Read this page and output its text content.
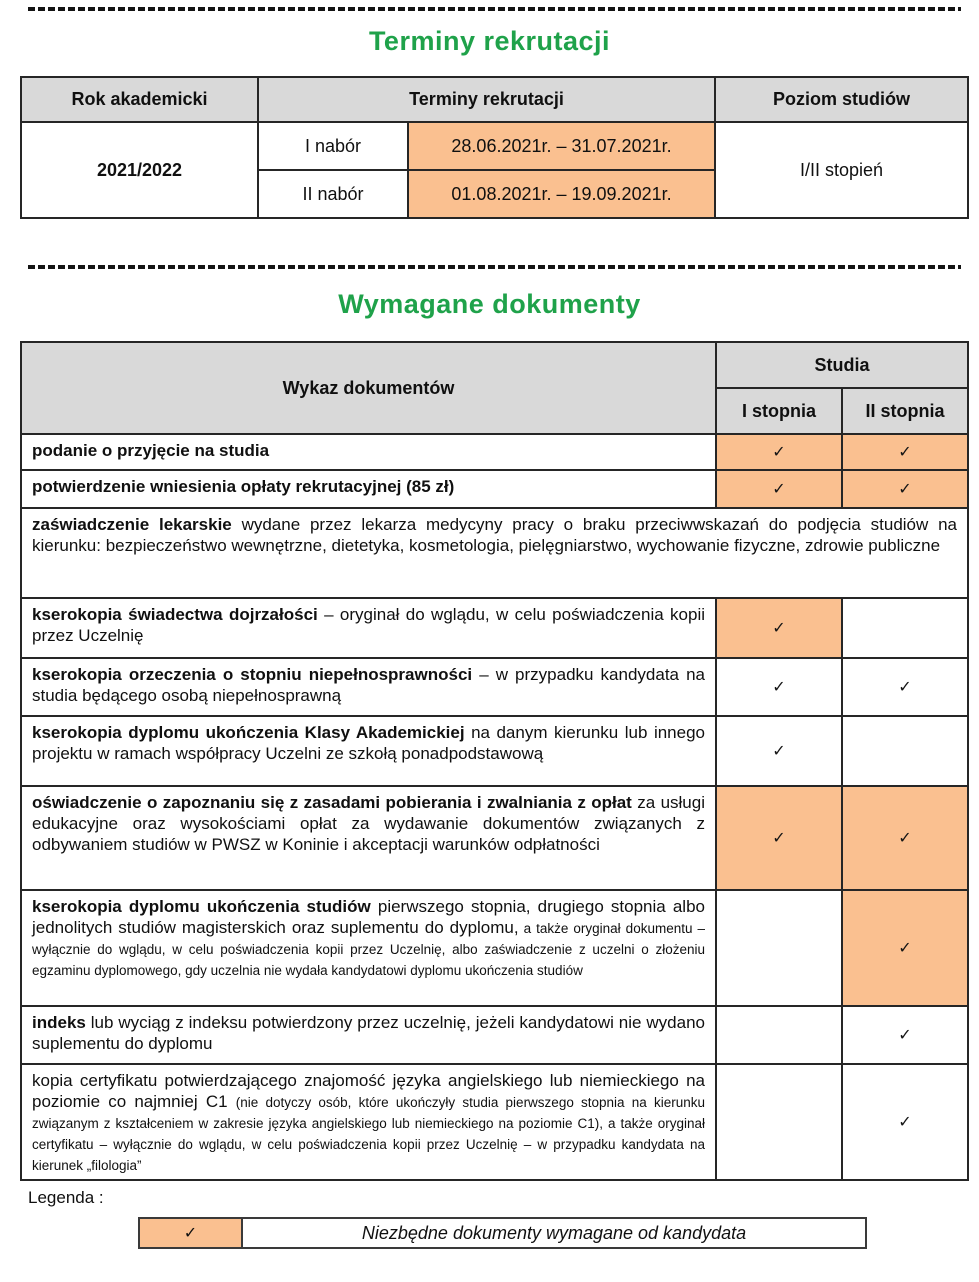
Terminy rekrutacji
Rok akademicki	Terminy rekrutacji		Poziom studiów
2021/2022	I nabór	28.06.2021r. – 31.07.2021r.	I/II stopień
	II nabór	01.08.2021r. – 19.09.2021r.	
Wymagane dokumenty
Wykaz dokumentów	Studia	
	I stopnia	II stopnia
podanie o przyjęcie na studia	✓	✓
potwierdzenie wniesienia opłaty rekrutacyjnej (85 zł)	✓	✓
zaświadczenie lekarskie wydane przez lekarza medycyny pracy o braku przeciwwskazań do podjęcia studiów na kierunku: bezpieczeństwo wewnętrzne, dietetyka, kosmetologia, pielęgniarstwo, wychowanie fizyczne, zdrowie publiczne		
kserokopia świadectwa dojrzałości – oryginał do wglądu, w celu poświadczenia kopii przez Uczelnię	✓	
kserokopia orzeczenia o stopniu niepełnosprawności – w przypadku kandydata na studia będącego osobą niepełnosprawną	✓	✓
kserokopia dyplomu ukończenia Klasy Akademickiej na danym kierunku lub innego projektu w ramach współpracy Uczelni ze szkołą ponadpodstawową	✓	
oświadczenie o zapoznaniu się z zasadami pobierania i zwalniania z opłat za usługi edukacyjne oraz wysokościami opłat za wydawanie dokumentów związanych z odbywaniem studiów w PWSZ w Koninie i akceptacji warunków odpłatności	✓	✓
kserokopia dyplomu ukończenia studiów pierwszego stopnia, drugiego stopnia albo jednolitych studiów magisterskich oraz suplementu do dyplomu, a także oryginał dokumentu – wyłącznie do wglądu, w celu poświadczenia kopii przez Uczelnię, albo zaświadczenie z uczelni o złożeniu egzaminu dyplomowego, gdy uczelnia nie wydała kandydatowi dyplomu ukończenia studiów		✓
indeks lub wyciąg z indeksu potwierdzony przez uczelnię, jeżeli kandydatowi nie wydano suplementu do dyplomu		✓
kopia certyfikatu potwierdzającego znajomość języka angielskiego lub niemieckiego na poziomie co najmniej C1 (nie dotyczy osób, które ukończyły studia pierwszego stopnia na kierunku związanym z kształceniem w zakresie języka angielskiego lub niemieckiego na poziomie C1), a także oryginał certyfikatu – wyłącznie do wglądu, w celu poświadczenia kopii przez Uczelnię – w przypadku kandydata na kierunek „filologia”		✓
Legenda :
✓	Niezbędne dokumenty wymagane od kandydata
